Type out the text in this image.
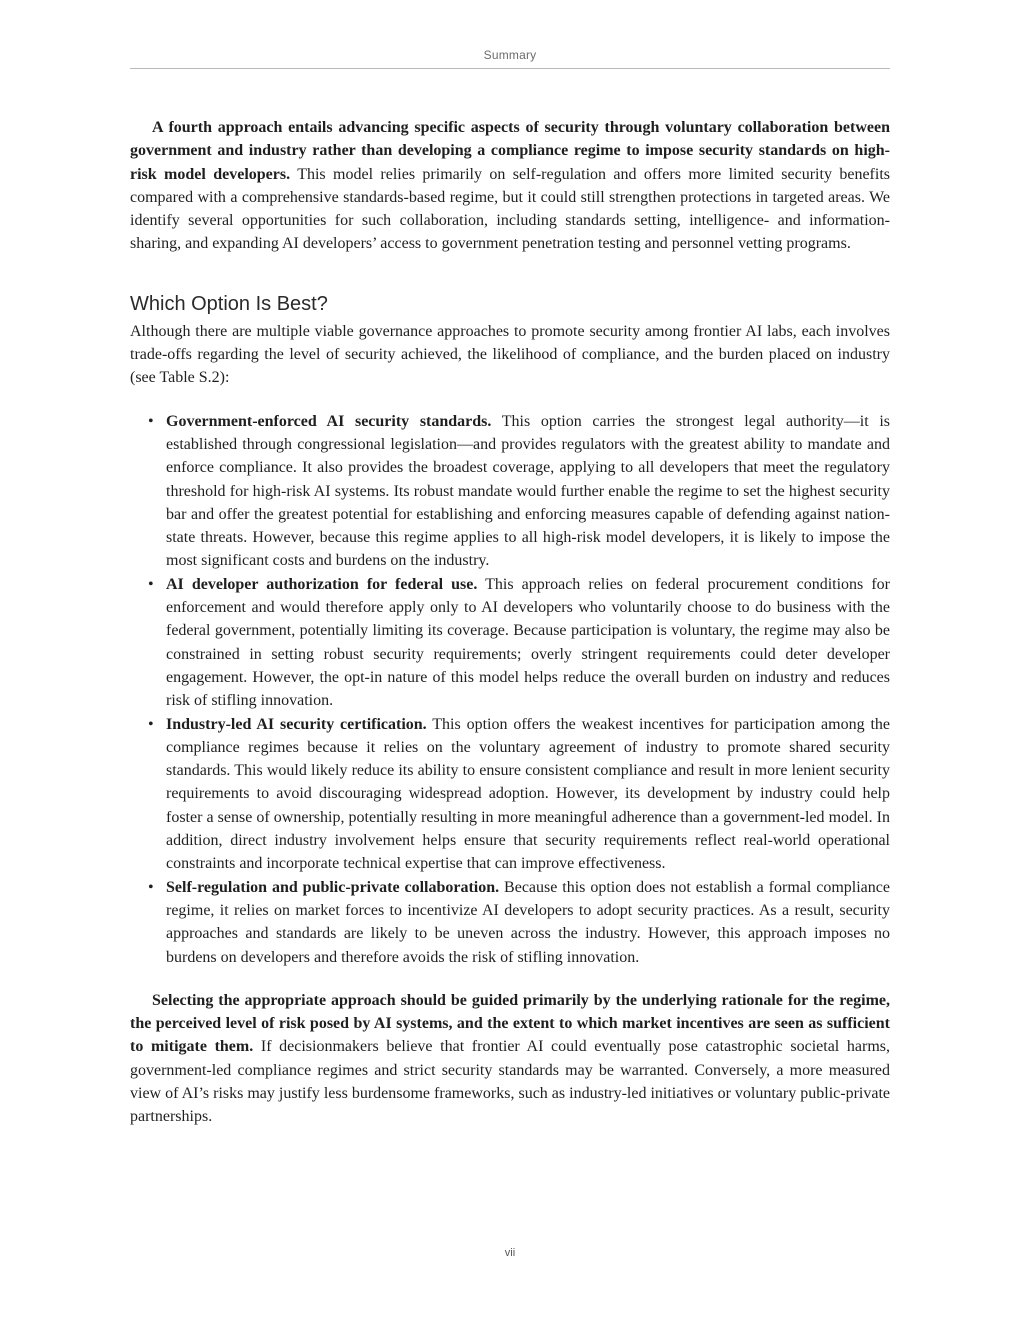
Summary

A fourth approach entails advancing specific aspects of security through voluntary collaboration between government and industry rather than developing a compliance regime to impose security standards on high-risk model developers. This model relies primarily on self-regulation and offers more limited security benefits compared with a comprehensive standards-based regime, but it could still strengthen protections in targeted areas. We identify several opportunities for such collaboration, including standards setting, intelligence- and information-sharing, and expanding AI developers’ access to government penetration testing and personnel vetting programs.

Which Option Is Best?

Although there are multiple viable governance approaches to promote security among frontier AI labs, each involves trade-offs regarding the level of security achieved, the likelihood of compliance, and the burden placed on industry (see Table S.2):

• Government-enforced AI security standards. This option carries the strongest legal authority—it is established through congressional legislation—and provides regulators with the greatest ability to mandate and enforce compliance. It also provides the broadest coverage, applying to all developers that meet the regulatory threshold for high-risk AI systems. Its robust mandate would further enable the regime to set the highest security bar and offer the greatest potential for establishing and enforcing measures capable of defending against nation-state threats. However, because this regime applies to all high-risk model developers, it is likely to impose the most significant costs and burdens on the industry.
• AI developer authorization for federal use. This approach relies on federal procurement conditions for enforcement and would therefore apply only to AI developers who voluntarily choose to do business with the federal government, potentially limiting its coverage. Because participation is voluntary, the regime may also be constrained in setting robust security requirements; overly stringent requirements could deter developer engagement. However, the opt-in nature of this model helps reduce the overall burden on industry and reduces risk of stifling innovation.
• Industry-led AI security certification. This option offers the weakest incentives for participation among the compliance regimes because it relies on the voluntary agreement of industry to promote shared security standards. This would likely reduce its ability to ensure consistent compliance and result in more lenient security requirements to avoid discouraging widespread adoption. However, its development by industry could help foster a sense of ownership, potentially resulting in more meaningful adherence than a government-led model. In addition, direct industry involvement helps ensure that security requirements reflect real-world operational constraints and incorporate technical expertise that can improve effectiveness.
• Self-regulation and public-private collaboration. Because this option does not establish a formal compliance regime, it relies on market forces to incentivize AI developers to adopt security practices. As a result, security approaches and standards are likely to be uneven across the industry. However, this approach imposes no burdens on developers and therefore avoids the risk of stifling innovation.

Selecting the appropriate approach should be guided primarily by the underlying rationale for the regime, the perceived level of risk posed by AI systems, and the extent to which market incentives are seen as sufficient to mitigate them. If decisionmakers believe that frontier AI could eventually pose catastrophic societal harms, government-led compliance regimes and strict security standards may be warranted. Conversely, a more measured view of AI’s risks may justify less burdensome frameworks, such as industry-led initiatives or voluntary public-private partnerships.

vii
